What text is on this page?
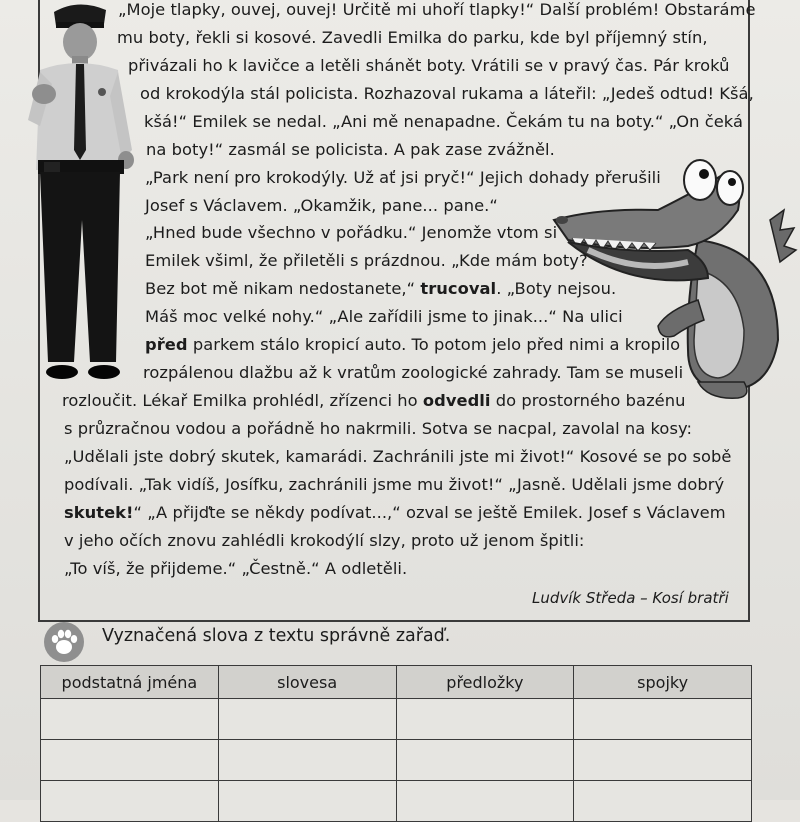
„Moje tlapky, ouvej, ouvej! Určitě mi uhoří tlapky!“ Další problém! Obstaráme
mu boty, řekli si kosové. Zavedli Emilka do parku, kde byl příjemný stín,
přivázali ho k lavičce a letěli shánět boty. Vrátili se v pravý čas. Pár kroků
od krokodýla stál policista. Rozhazoval rukama a láteřil: „Jedeš odtud! Kšá,
kšá!“ Emilek se nedal. „Ani mě nenapadne. Čekám tu na boty.“ „On čeká
na boty!“ zasmál se policista. A pak zase zvážněl.
„Park není pro krokodýly. Už ať jsi pryč!“ Jejich dohady přerušili
Josef s Václavem. „Okamžik, pane... pane.“
„Hned bude všechno v pořádku.“ Jenomže vtom si
Emilek všiml, že přiletěli s prázdnou. „Kde mám boty?
Bez bot mě nikam nedostanete,“ trucoval. „Boty nejsou.
Máš moc velké nohy.“ „Ale zařídili jsme to jinak...“ Na ulici
před parkem stálo kropicí auto. To potom jelo před nimi a kropilo
rozpálenou dlažbu až k vratům zoologické zahrady. Tam se museli
rozloučit. Lékař Emilka prohlédl, zřízenci ho odvedli do prostorného bazénu
s průzračnou vodou a pořádně ho nakrmili. Sotva se nacpal, zavolal na kosy:
„Udělali jste dobrý skutek, kamarádi. Zachránili jste mi život!“ Kosové se po sobě
podívali. „Tak vidíš, Josífku, zachránili jsme mu život!“ „Jasně. Udělali jsme dobrý
skutek!“ „A přijďte se někdy podívat...,“ ozval se ještě Emilek. Josef s Václavem
v jeho očích znovu zahlédli krokodýlí slzy, proto už jenom špitli:
„To víš, že přijdeme.“ „Čestně.“ A odletěli.
Ludvík Středa – Kosí bratři
Vyznačená slova z textu správně zařaď.
podstatná jména	slovesa	předložky	spojky
